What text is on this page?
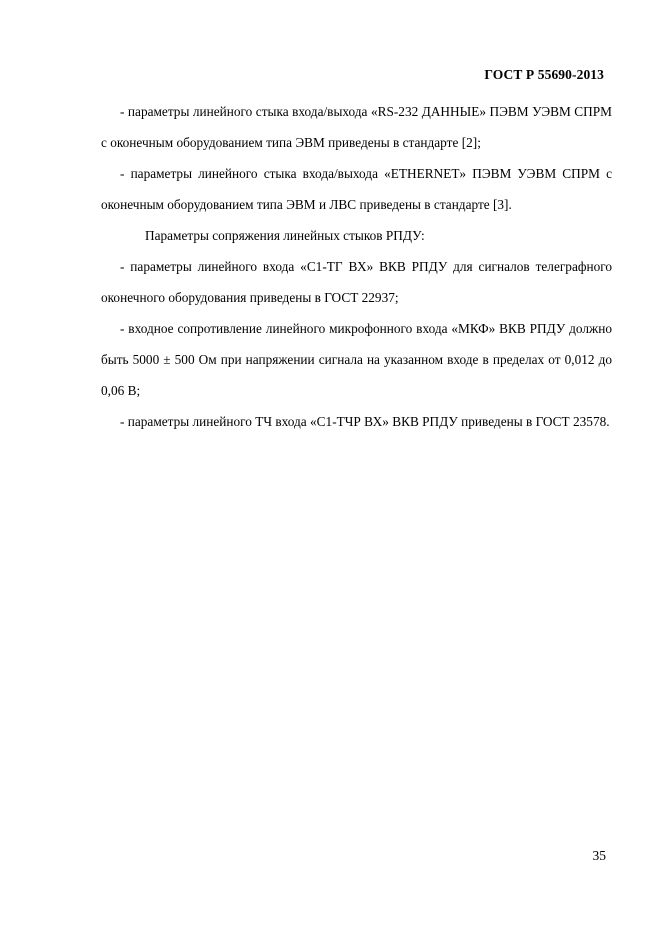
ГОСТ Р 55690-2013

- параметры линейного стыка входа/выхода «RS-232 ДАННЫЕ» ПЭВМ УЭВМ СПРМ с оконечным оборудованием типа ЭВМ приведены в стандарте [2];

- параметры линейного стыка входа/выхода «ETHERNET» ПЭВМ УЭВМ СПРМ с оконечным оборудованием типа ЭВМ и ЛВС приведены в стандарте [3].

Параметры сопряжения линейных стыков РПДУ:

- параметры линейного входа «С1-ТГ ВХ» ВКВ РПДУ для сигналов телеграфного оконечного оборудования приведены в ГОСТ 22937;

- входное сопротивление линейного микрофонного входа «МКФ» ВКВ РПДУ должно быть 5000 ± 500 Ом при напряжении сигнала на указанном входе в пределах от 0,012 до 0,06 В;

- параметры линейного ТЧ входа «С1-ТЧР ВХ» ВКВ РПДУ приведены в ГОСТ 23578.

35
